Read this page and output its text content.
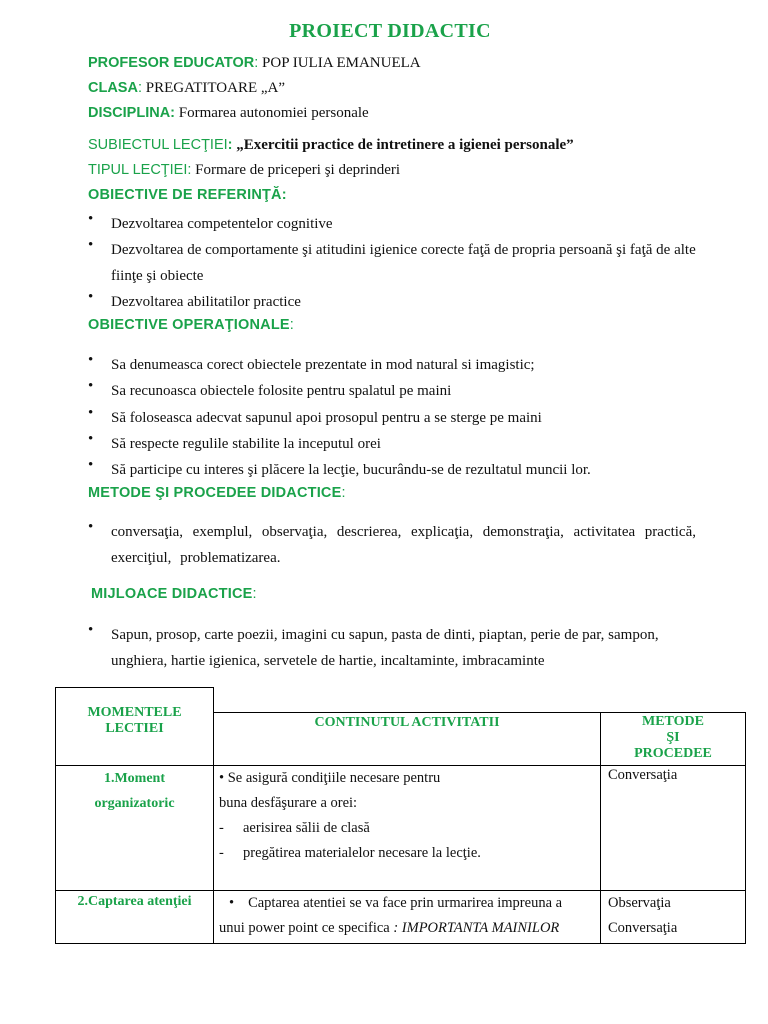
PROIECT DIDACTIC
PROFESOR EDUCATOR: POP IULIA EMANUELA
CLASA: PREGATITOARE „A”
DISCIPLINA: Formarea autonomiei personale
SUBIECTUL LECŢIEI: „Exercitii practice de intretinere a igienei personale”
TIPUL LECŢIEI: Formare de priceperi şi deprinderi
OBIECTIVE DE REFERINŢĂ:
•
Dezvoltarea competentelor cognitive
•
Dezvoltarea de comportamente şi atitudini igienice corecte faţă de propria persoană şi faţă de alte fiinţe şi obiecte
•
Dezvoltarea abilitatilor practice
OBIECTIVE OPERAŢIONALE:
•
Sa denumeasca corect obiectele prezentate in mod natural si imagistic;
•
Sa recunoasca obiectele folosite pentru spalatul pe maini
•
Să foloseasca adecvat sapunul apoi prosopul pentru a se sterge pe maini
•
Să respecte regulile stabilite la inceputul orei
•
Să participe cu interes şi plăcere la lecţie, bucurându-se de rezultatul muncii lor.
METODE ŞI PROCEDEE DIDACTICE:
•
conversaţia, exemplul, observaţia, descrierea, explicaţia, demonstraţia, activitatea practică, exerciţiul, problematizarea.
MIJLOACE DIDACTICE:
•
Sapun, prosop, carte poezii, imagini cu sapun, pasta de dinti, piaptan, perie de par, sampon, unghiera, hartie igienica, servetele de hartie, incaltaminte, imbracaminte
MOMENTELE
LECTIEI	CONTINUTUL ACTIVITATII	METODE
ŞI
PROCEDEE
1.Moment
organizatoric
•  Se asigură condiţiile necesare pentru
buna desfăşurare a orei:
- aerisirea sălii de clasă
- pregătirea materialelor necesare la lecţie.
Conversaţia
2.Captarea atenţiei
•	Captarea atentiei se va face prin urmarirea impreuna a
unui power point ce specifica : IMPORTANTA MAINILOR
Observaţia
Conversaţia
